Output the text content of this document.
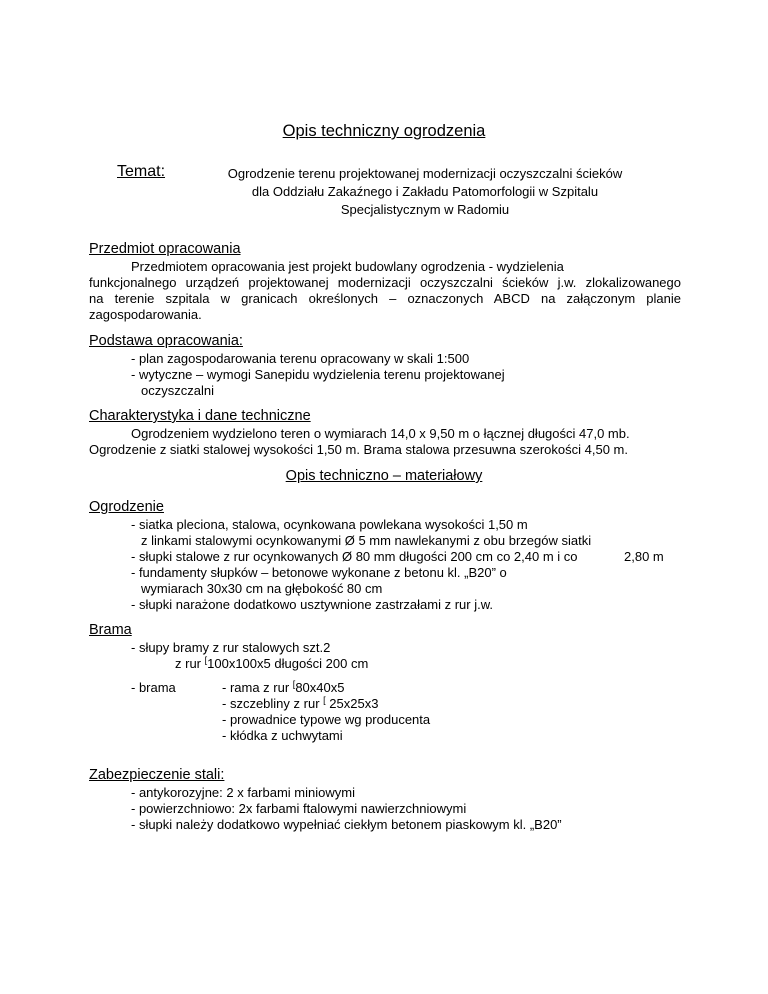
Opis techniczny ogrodzenia
Temat:	Ogrodzenie terenu projektowanej modernizacji oczyszczalni ścieków
dla Oddziału Zakaźnego i Zakładu Patomorfologii w Szpitalu
Specjalistycznym w Radomiu
Przedmiot opracowania
Przedmiotem opracowania jest projekt budowlany ogrodzenia - wydzielenia
funkcjonalnego urządzeń projektowanej modernizacji oczyszczalni ścieków j.w. zlokalizowanego
na terenie szpitala w granicach określonych – oznaczonych ABCD na załączonym planie
zagospodarowania.
Podstawa opracowania:
- plan zagospodarowania terenu opracowany w skali 1:500
- wytyczne – wymogi Sanepidu wydzielenia terenu projektowanej
oczyszczalni
Charakterystyka i dane techniczne
Ogrodzeniem wydzielono teren o wymiarach 14,0 x 9,50 m o łącznej długości 47,0 mb.
Ogrodzenie z siatki stalowej wysokości 1,50 m. Brama stalowa przesuwna szerokości 4,50 m.
Opis techniczno – materiałowy
Ogrodzenie
- siatka pleciona, stalowa, ocynkowana powlekana wysokości 1,50 m
z linkami stalowymi ocynkowanymi Ø 5 mm nawlekanymi z obu brzegów siatki
- słupki stalowe z rur ocynkowanych Ø 80 mm długości 200 cm co 2,40 m i co	2,80 m
- fundamenty słupków – betonowe wykonane z betonu kl. „B20” o
wymiarach 30x30 cm na głębokość 80 cm
- słupki narażone dodatkowo usztywnione zastrzałami z rur j.w.
Brama
- słupy bramy z rur stalowych szt.2
z rur [100x100x5 długości 200 cm
- brama	- rama z rur [80x40x5
- szczebliny z rur [ 25x25x3
- prowadnice typowe wg producenta
- kłódka z uchwytami
Zabezpieczenie stali:
- antykorozyjne: 2 x farbami miniowymi
- powierzchniowo: 2x farbami ftalowymi nawierzchniowymi
- słupki należy dodatkowo wypełniać ciekłym betonem piaskowym kl. „B20”
